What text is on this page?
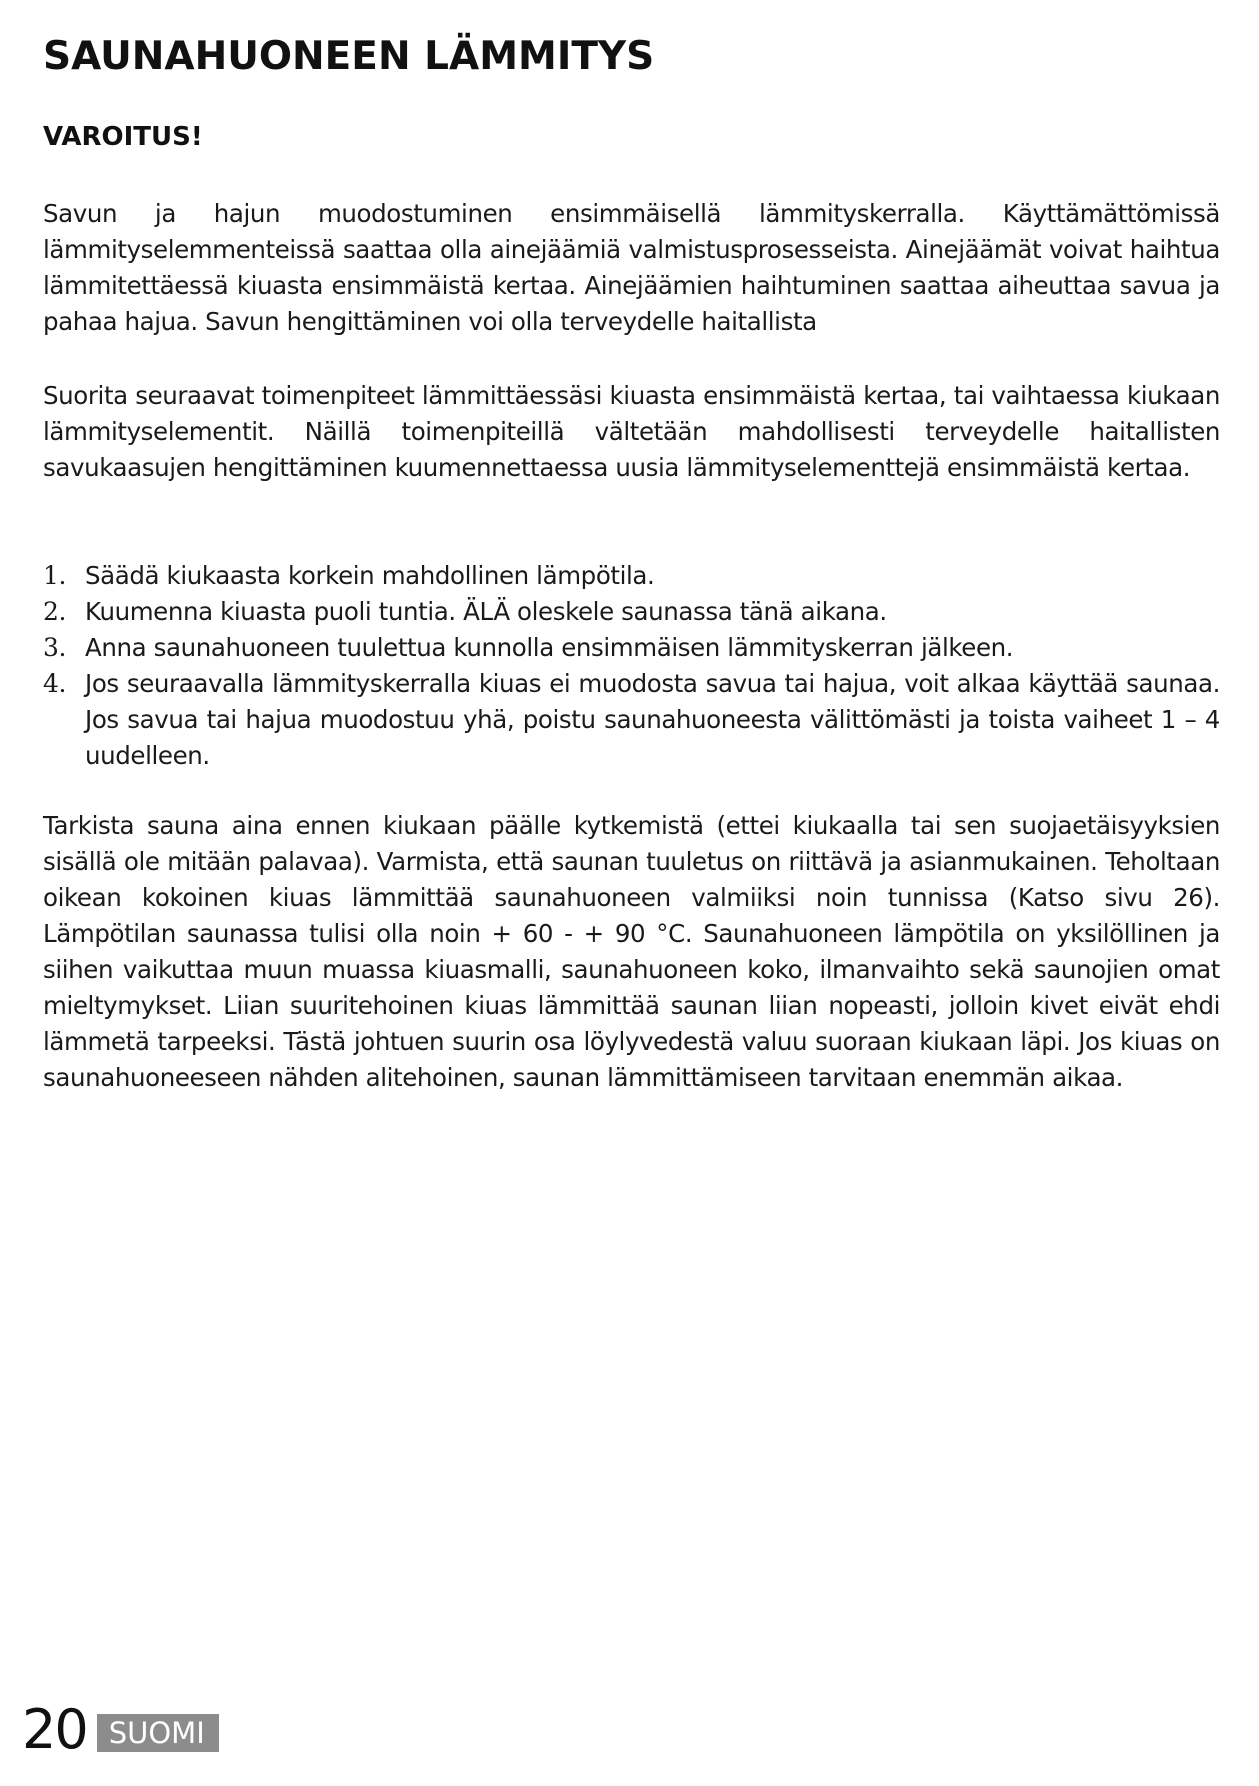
SAUNAHUONEEN LÄMMITYS
VAROITUS!

Savun ja hajun muodostuminen ensimmäisellä lämmityskerralla. Käyttämättömissä lämmityselemmenteissä saattaa olla ainejäämiä valmistusprosesseista. Ainejäämät voivat haihtua lämmitettäessä kiuasta ensimmäistä kertaa. Ainejäämien haihtuminen saattaa aiheuttaa savua ja pahaa hajua. Savun hengittäminen voi olla terveydelle haitallista

Suorita seuraavat toimenpiteet lämmittäessäsi kiuasta ensimmäistä kertaa, tai vaihtaessa kiukaan lämmityselementit. Näillä toimenpiteillä vältetään mahdollisesti terveydelle haitallisten savukaasujen hengittäminen kuumennettaessa uusia lämmityselementtejä ensimmäistä kertaa.

1. Säädä kiukaasta korkein mahdollinen lämpötila.
2. Kuumenna kiuasta puoli tuntia. ÄLÄ oleskele saunassa tänä aikana.
3. Anna saunahuoneen tuulettua kunnolla ensimmäisen lämmityskerran jälkeen.
4. Jos seuraavalla lämmityskerralla kiuas ei muodosta savua tai hajua, voit alkaa käyttää saunaa. Jos savua tai hajua muodostuu yhä, poistu saunahuoneesta välittömästi ja toista vaiheet 1 – 4 uudelleen.

Tarkista sauna aina ennen kiukaan päälle kytkemistä (ettei kiukaalla tai sen suojaetäisyyksien sisällä ole mitään palavaa). Varmista, että saunan tuuletus on riittävä ja asianmukainen. Teholtaan oikean kokoinen kiuas lämmittää saunahuoneen valmiiksi noin tunnissa (Katso sivu 26). Lämpötilan saunassa tulisi olla noin + 60 - + 90 °C. Saunahuoneen lämpötila on yksilöllinen ja siihen vaikuttaa muun muassa kiuasmalli, saunahuoneen koko, ilmanvaihto sekä saunojien omat mieltymykset. Liian suuritehoinen kiuas lämmittää saunan liian nopeasti, jolloin kivet eivät ehdi lämmetä tarpeeksi. Tästä johtuen suurin osa löylyvedestä valuu suoraan kiukaan läpi. Jos kiuas on saunahuoneeseen nähden alitehoinen, saunan lämmittämiseen tarvitaan enemmän aikaa.

20 SUOMI
